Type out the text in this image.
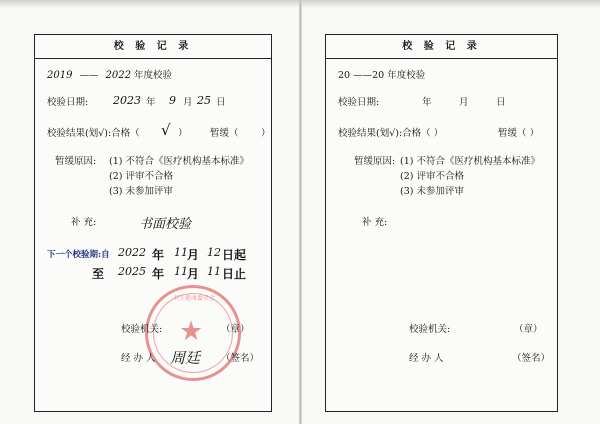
校 验 记 录
2019 —— 2022 年度校验
校验日期: 2023 年 9 月 25 日
校验结果(划√):合格（ √ ） 暂缓（ ）
暂缓原因: (1) 不符合《医疗机构基本标准》
(2) 评审不合格
(3) 未参加评审
补 充:	书面校验
下一个校验期:自 2022 年 11 月 12 日起
至 2025 年 11 月 11 日止
卫生健康委员会
★
校验机关:	（章）
经 办 人 周廷 （签名）
校 验 记 录
20 ——20 年度校验
校验日期:	年	月	日
校验结果(划√):合格（ ）	暂缓（ ）
暂缓原因: (1) 不符合《医疗机构基本标准》
(2) 评审不合格
(3) 未参加评审
补 充:
校验机关:	（章）
经 办 人	（签名）
